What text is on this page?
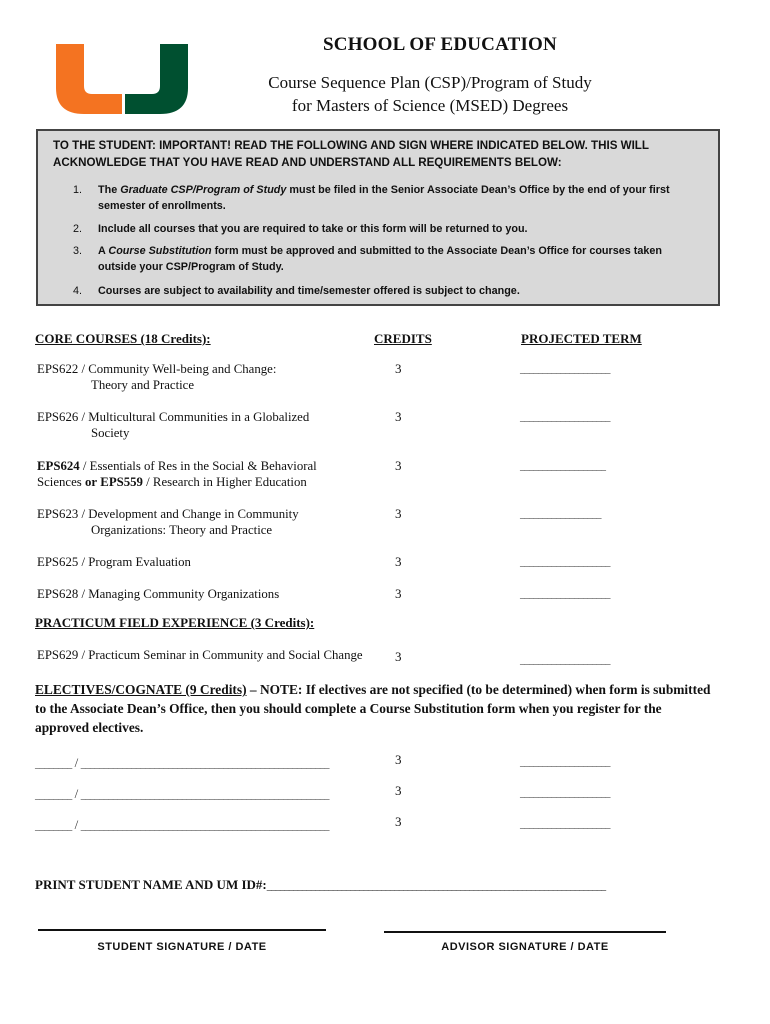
SCHOOL OF EDUCATION
Course Sequence Plan (CSP)/Program of Study
for Masters of Science (MSED) Degrees
TO THE STUDENT: IMPORTANT! READ THE FOLLOWING AND SIGN WHERE INDICATED BELOW. THIS WILL ACKNOWLEDGE THAT YOU HAVE READ AND UNDERSTAND ALL REQUIREMENTS BELOW:
1. The Graduate CSP/Program of Study must be filed in the Senior Associate Dean’s Office by the end of your first semester of enrollments.
2. Include all courses that you are required to take or this form will be returned to you.
3. A Course Substitution form must be approved and submitted to the Associate Dean’s Office for courses taken outside your CSP/Program of Study.
4. Courses are subject to availability and time/semester offered is subject to change.
CORE COURSES (18 Credits):	CREDITS	PROJECTED TERM
EPS622 / Community Well-being and Change:
Theory and Practice
3	____________________
EPS626 / Multicultural Communities in a Globalized
Society
3	____________________
EPS624 / Essentials of Res in the Social & Behavioral
Sciences or EPS559 / Research in Higher Education
3	___________________
EPS623 / Development and Change in Community
Organizations: Theory and Practice
3	__________________
EPS625 / Program Evaluation	3	____________________
EPS628 / Managing Community Organizations	3	____________________
PRACTICUM FIELD EXPERIENCE (3 Credits):
EPS629 / Practicum Seminar in Community and Social Change	3	____________________
ELECTIVES/COGNATE (9 Credits) – NOTE: If electives are not specified (to be determined) when form is submitted to the Associate Dean’s Office, then you should complete a Course Substitution form when you register for the approved electives.
________ / ______________________________________________________	3	____________________
________ / ______________________________________________________	3	____________________
________ / ______________________________________________________	3	____________________
PRINT STUDENT NAME AND UM ID#:_____________________________________________________________________________
STUDENT SIGNATURE / DATE	ADVISOR SIGNATURE / DATE
